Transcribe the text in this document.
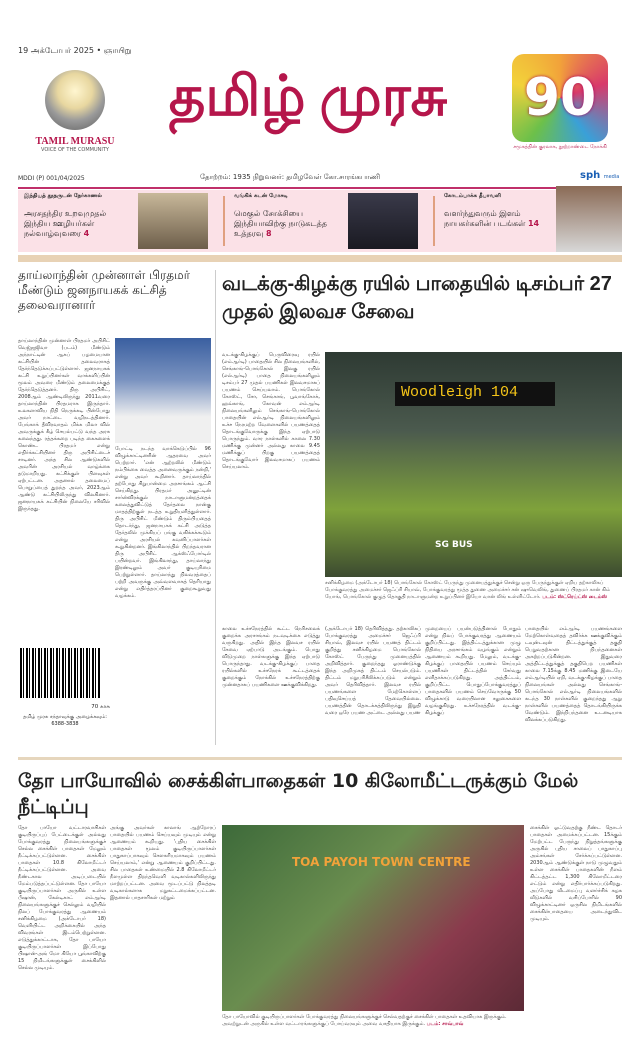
19 அக்டோபர் 2025 • ஞாயிறு
TAMIL MURASU
VOICE OF THE COMMUNITY
தமிழ் முரசு	90
சமூகத்தின் குரலாக, நூற்றாண்டை நோக்கி
MDDI (P) 001/04/2025	தோற்றம்: 1935 நிறுவனர்: தமிழவேள் கோ.சாரங்கபாணி	sph media
இந்தியத் தூதருடன் நேர்காணல்
அரசதந்திர உறவுமுதல் இந்திய ஊழியர்கள் நல்வாழ்வுவரை 4
வங்கிக் கடன் மோசடி
மெகுல் சோக்சியை இந்தியாவிற்கு நாடுகடத்த உத்தரவு 8
கோடம்பாக்க தீபாவளி
வளர்ந்துவரும் இளம் நாயகர்களின் படங்கள் 14
தாய்லாந்தின் முன்னாள் பிரதமர் மீண்டும் ஜனநாயகக் கட்சித் தலைவரானார்
தாய்லாந்தின் முன்னாள் பிரதமர் அபிசிட் வெஜ்ஜஜிவா (படம்) மீண்டும் அந்நாட்டின் ஆகப் பழமையான கட்சியின் தலைவராகத் தேர்ந்தெடுக்கப்பட்டுள்ளார். ஜனநாயகக் கட்சி உறுப்பினர்கள் வாக்களிப்பின் மூலம் அவரை மீண்டும் தலைமைக்குத் தேர்ந்தெடுத்தனர். திரு அபிசிட், 2008ஆம் ஆண்டிலிருந்து 2011வரை தாய்லாந்தின் பிரதமராக இருந்தார். உலகளாவிய நிதி நெருக்கடி பின்போது அவர் நாட்டை வழிநடத்தினார். பேங்காக் தீவிரவாதம் மிக்க மிலா வில் அவருக்குக் கீழ் செயல்பட்டு வந்த அரசு கலைந்தது. ரத்தக்கறை படிந்த கைகளைக் கொண்ட பிரதமர் என்று எதிர்க்கட்சியினர் திரு அபிசிட்டைச் சாடினர். அந்த சில ஆண்டுகளில் அவரின் அரசியல் வாழ்க்கை தடுமாறியது. கட்சிக்குள் பிளவுகள் ஏற்பட்டன. அதனால் தலைமைப் பொறுப்பைத் துறந்த அவர், 2023ஆம் ஆண்டு கட்சியிலிருந்து விலகினார். ஜனநாயகக் கட்சியின் நிலையே சரிவில் இருந்தது.
போட்டி நடந்த வாக்கெடுப்பில் 96 விழுக்காட்டினரின் ஆதரவை அவர் பெற்றார். 'என் ஆற்றலில் மீண்டும் நம்பிக்கை வைத்த அனைவருக்கும் நன்றி,' என்று அவர் கூறினார். தாய்லாந்தில் தற்போது சிறுபான்மை அரசாங்கம் ஆட்சி செய்கிறது. பிரதமர் அனுட்டின் சார்ன்விரக்குல் நாடாளுமன்றத்தைக் கலைத்துவிட்டுத் தேர்தலை நான்கு மாதத்திற்குள் நடத்த உறுதியளித்துள்ளார். திரு அபிசிட் மீண்டும் திரும்பியதைத் தொடர்ந்து, ஜனநாயகக் கட்சி அடுத்த தேர்தலில் முக்கியப் பங்கு வகிக்கக்கூடும் என்று அரசியல் கவனிப்பாளர்கள் கூறுகின்றனர். இங்கிலாந்தில் பிறந்தவரான திரு அபிசிட் ஆக்ஸ்ஃபோர்டில் பயின்றவர். இங்கிலாந்து, தாய்லாந்து இரண்டிலும் அவர் குடியுரிமை பெற்றுள்ளார். தாய்லாந்து நிலவரத்தைப் பற்றி அவருக்கு அவ்வளவாகத் தெரியாது என்று எதிர்த்தரப்பினர் குறைகூறுவது வழக்கம்.
70 காசு
தமிழ் முரசு சந்தாவுக்கு அழைக்கவும்: 6388-3838
வடக்கு-கிழக்கு ரயில் பாதையில் டிசம்பர் 27 முதல் இலவச சேவை
வடக்கு-கிழக்குப் பெருவிரைவு ரயில் (எம்ஆர்டி) பாதையில் சில நிலையங்களில், செங்காங்-பொங்கோல் இலகு ரயில் (எல்ஆர்டி) பாதை நிலையங்களிலும் டிசம்பர் 27 முதல் பயணிகள் இலவசமாகப் பயணம் செய்யலாம். பொங்கோல் கோஸ்ட், சோ, செங்காங், பூவாங்கோக், ஹவ்காங், கோவன் எம்ஆர்டி நிலையங்களிலும் செங்காங்-பொங்கோல் பாதையின் எல்ஆர்டி நிலையங்களிலும் உச்ச நேரமற்ற வேளைகளில் பயணத்தைத் தொடங்குவோருக்கு இந்த ஏற்பாடு பொருந்தும். வார நாள்களில் காலை 7.30 மணிக்கு முன்னர் அல்லது காலை 9.45 மணிக்குப் பிறகு பயணத்தைத் தொடங்குவோர் இலவசமாகப் பயணம் செய்யலாம்.
Woodleigh 104
SG BUS
சனிக்கிழமை (அக்டோபர் 18) பொங்கோல் கோஸ்ட் பேருந்து முனையத்துக்குச் சென்று ஒரு பேருந்துக்குள் ஏறிய தற்காலிகப் போக்குவரத்து அமைச்சர் ஜெஃப்ரி சியாவ், போக்குவரத்து மூத்த துணை அமைச்சர் சன் ஷுவெலிங், துணைப் பிரதமர் கான் கிம் யோங், பொங்கோல் குழுத் தொகுதி நாடாளுமன்ற உறுப்பினர் இயோ வான் லிங் உள்ளிட்டோர். படம்: ஸ்ட்ரெய்ட்ஸ் டைம்ஸ்
காலை உச்சநேரத்தில் கூட்ட நெரிசலைக் குறைக்க அரசாங்கம் நடவடிக்கை எடுத்து வருகிறது. அதில் இந்த இலவச ரயில் சேவை ஏற்பாடு அடங்கும். பொது விடுமுறை நாள்களுக்கு இந்த ஏற்பாடு பொருந்தாது. வடக்கு-கிழக்குப் பாதை ரயில்களில் உச்சநேரக் கூட்டத்தைக் குறைக்கும் நோக்கில் உச்சநேரத்திற்கு முன்னதாகப் பயணிகளை ஊக்குவிக்கிறது.
(அக்டோபர் 18) தெரிவித்தது. தற்காலிகப் போக்குவரத்து அமைச்சர் ஜெஃப்ரி சியாவ், இலவச ரயில் பயணத் திட்டம் குறித்து சனிக்கிழமை பொங்கோல் கோஸ்ட் பேருந்து முனையத்தில் அறிவித்தார். குறைந்தது ஓராண்டுக்கு இந்த அறிமுகத் திட்டம் செயல்படும். திட்டம் மறுபரிசீலிக்கப்படும் என்றும் அவர் தெரிவித்தார். இலவச ரயில் பயணங்களை மேற்கொள்ளப் பதிவுசெய்யத் தேவையில்லை. பயணத்தின் தொடக்கத்திலிருந்து இறுதி வரை ஒரே பயண அட்டை அல்லது பயண
முறையைப் பயன்படுத்தினால் போதும் என்று நிலப் போக்குவரத்து ஆணையம் குறிப்பிட்டது. இத்திட்டத்துக்கான முழு நிதியை அரசாங்கம் வழங்கும் என்றும் ஆணையம் கூறியது. மேலும், வடக்கு-கிழக்குப் பாதையில் பயணம் செய்யும் பயணிகள் திட்டத்தில் சேர்வது எளிதாக்கப்படுகிறது. அத்திட்டம், குறிப்பிட்ட பொதுப்போக்குவரத்துப் பாதைகளில் பயணம் செய்வோருக்கு 50 விழுக்காடு வரையிலான சலுகைகளை வழங்குகிறது. உச்சநேரத்தில் வடக்கு-கிழக்குப்
பாதையில் எம்ஆர்டி பயணங்களை மேற்கொள்வதைத் தவிர்க்க ஊக்குவிக்கும் டவுன்டவுன் திட்டத்துக்குத் தகுதி பெறுவதற்கான நிபந்தனைகள் அகற்றப்படுகின்றன. இதுவரை அத்திட்டத்துக்குத் தகுதிபெற பயணிகள் காலை 7.15க்கு 8.45 மணிக்கு இடையே எம்ஆர்டியில் ஏறி, வடக்கு-கிழக்குப் பாதை நிலையங்கள் அல்லது செங்காங்-பொங்கோல் எல்ஆர்டி நிலையங்களில் கடந்த 30 நாள்களில் குறைந்தது ஆறு நாள்களில் பயணத்தைத் தொடங்கியிருக்க வேண்டும். இந்நிபந்தனை உடனடியாக விலக்கப்படுகிறது.
தோ பாயோவில் சைக்கிள்பாதைகள் 10 கிலோமீட்டருக்கும் மேல் நீட்டிப்பு
தோ பாயோ வட்டாரவாசிகள் குடியிருப்புப் பேட்டைக்குள் அல்லது போக்குவரத்து நிலையங்களுக்குச் செல்ல சைக்கிள் பாதைகள் மேலும் நீட்டிக்கப்பட்டுள்ளன. சைக்கிள் பாதைகள் 10.8 கிலோமீட்டர் நீட்டிக்கப்பட்டுள்ளன. அவை நீண்டகால அடிப்படையில் மேம்படுத்தப்பட்டுள்ளன. தோ பாயோ குடியிருப்பாளர்கள் அருகில் உள்ள பீஷான், கேல்டிகாட் எம்ஆர்டி நிலையங்களுக்குச் செல்லும் வழியில் நிலப் போக்குவரத்து ஆணையம் சனிக்கிழமை (அக்டோபர் 18) வெளியிட்ட அறிக்கையில் அந்த விவரங்கள் இடம்பெற்றுள்ளன. எடுத்துக்காட்டாக, தோ பாயோ குடியிருப்பாளர்கள் இப்போது பிஷான்-அங் மோ கியோ பூங்காவிற்கு 15 நிமிடங்களுக்குள் சைக்கிளில் செல்ல முடியும்.
அங்கு அவர்கள் காலாங் ஆற்றோரப் பாதையில் பயணம் செய்யவும் முடியும் என்று ஆணையம் கூறியது. 'புதிய சைக்கிள் பாதைகள் மூலம் குடியிருப்பாளர்கள் பாதுகாப்பாகவும் செளகரியமாகவும் பயணம் செய்யலாம்,' என்று ஆணையம் குறிப்பிட்டது. சில பாதைகள் உண்மையில் 2.8 கிலோமீட்டர் நீளமுள்ள திறந்தவெளி வடிகால்களிலிருந்து மாற்றப்பட்டன. அவை மூடப்பட்டு நிலத்தடி வடிகால்களாக மறுகட்டமைக்கப்பட்டன. இதனால் பாதசாரிகள் மற்றும்
TOA PAYOH TOWN CENTRE
தோ பாயோவில் குடியிருப்பாளர்கள் போக்குவரத்து நிலையங்களுக்குச் செல்வதற்குச் சைக்கிள் பாதைகள் உதவியாக இருக்கும். அவற்றுடன் அருகில் உள்ள வட்டாரங்களுக்குப் போய்வரவும் அவை வசதியாக இருக்கும். படம்: சாவ்பாவ்
சைக்கிள் ஓட்டுவதற்கு நீண்ட தொடர் பாதைகள் அமைக்கப்பட்டன. 15க்கும் மேற்பட்ட பேருந்து நிறுத்தங்களுக்கு அருகில் புதிய சாலைப் பாதுகாப்பு அம்சங்கள் சேர்க்கப்பட்டுள்ளன. 2030ஆம் ஆண்டுக்குள் நாடு முழுவதும் உள்ள சைக்கிள் பாதைகளின் நீளம் கிட்டத்தட்ட 1,300 கிலோமீட்டரை எட்டும் என்று எதிர்பார்க்கப்படுகிறது. அப்போது வீடமைப்பு வளர்ச்சிக் கழக வீடுகளில் வசிப்போரில் 90 விழுக்காட்டினர் ஒருசில நிமிடங்களில் சைக்கிள்பாதையை அடைந்துவிட முடியும்.
